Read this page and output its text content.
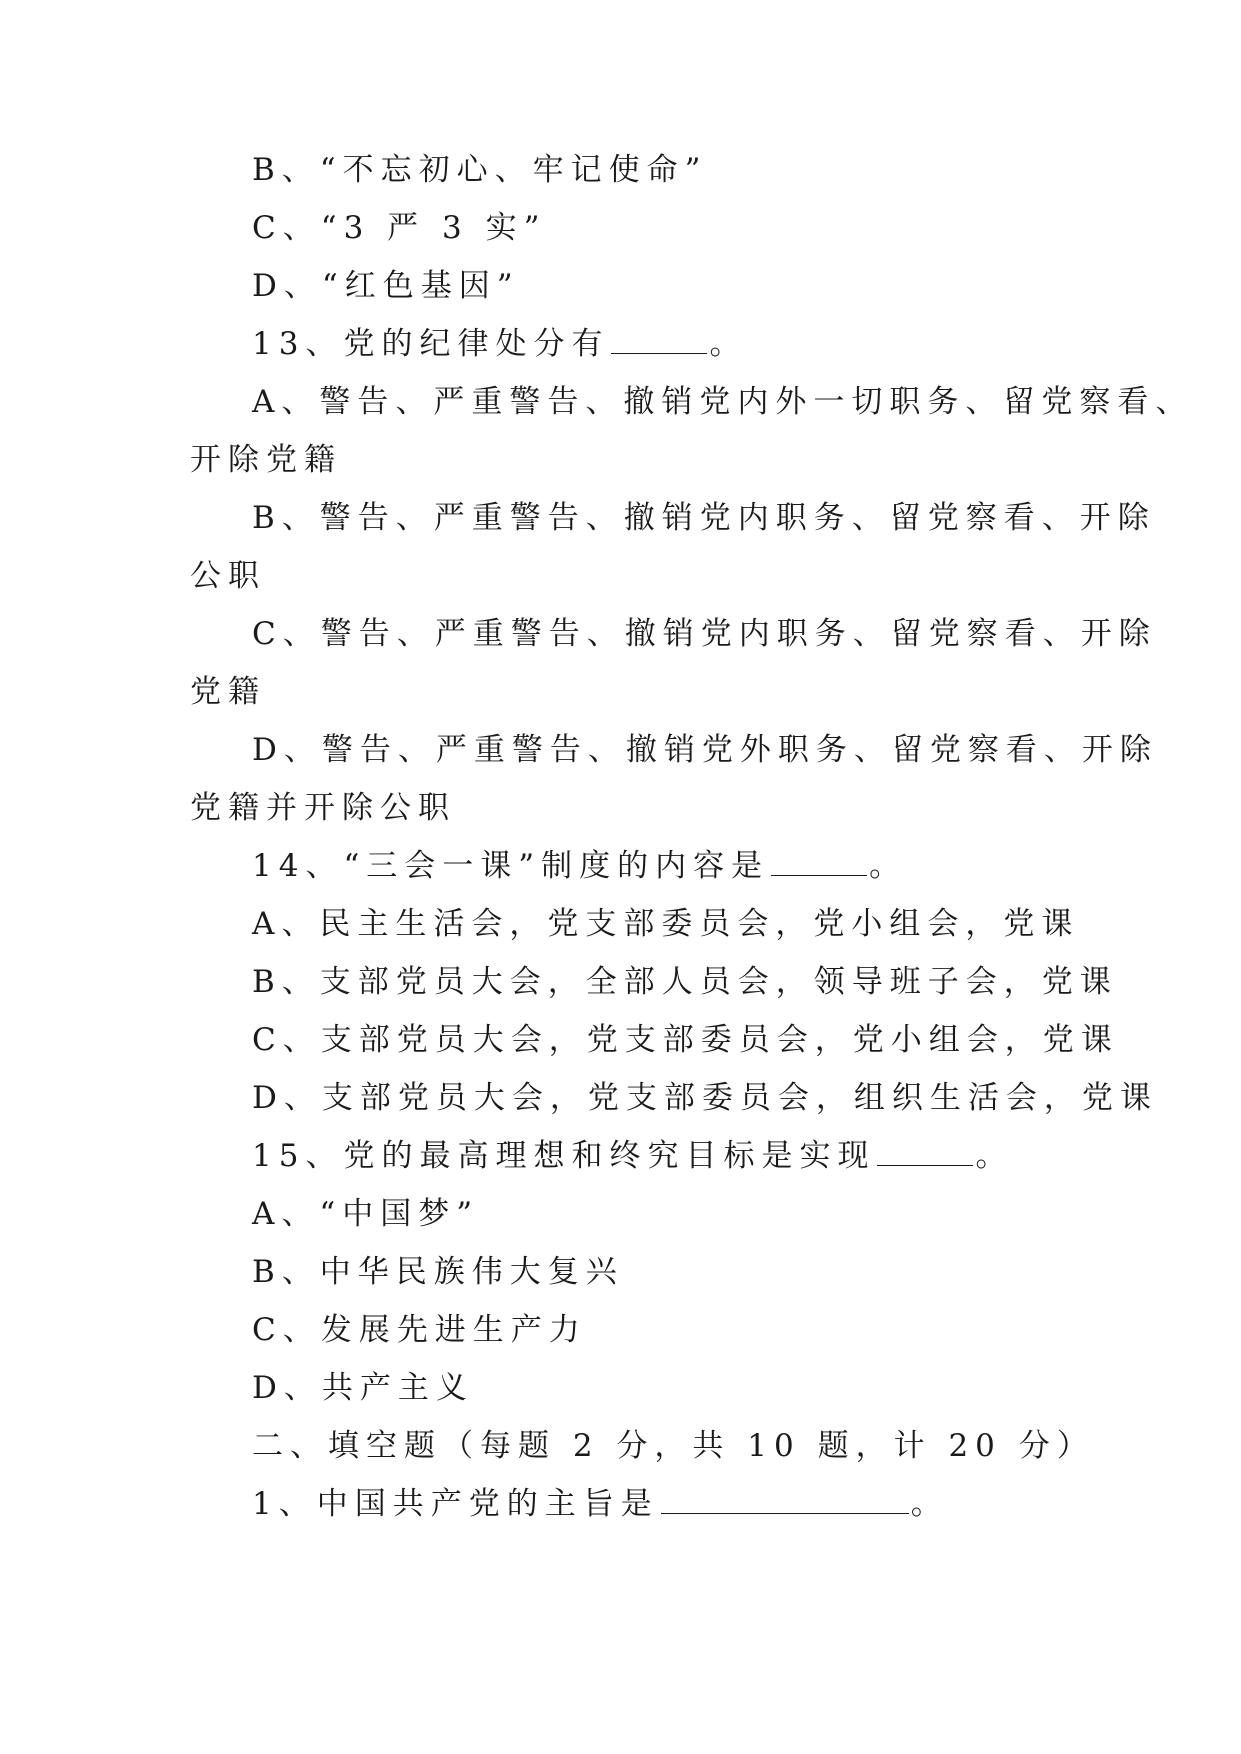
B、“不忘初心、牢记使命”
C、“3 严 3 实”
D、“红色基因”
13、党的纪律处分有	。
A、警告、严重警告、撤销党内外一切职务、留党察看、
开除党籍
B、警告、严重警告、撤销党内职务、留党察看、开除
公职
C、警告、严重警告、撤销党内职务、留党察看、开除
党籍
D、警告、严重警告、撤销党外职务、留党察看、开除
党籍并开除公职
14、“三会一课”制度的内容是	。
A、民主生活会，党支部委员会，党小组会，党课
B、支部党员大会，全部人员会，领导班子会，党课
C、支部党员大会，党支部委员会，党小组会，党课
D、支部党员大会，党支部委员会，组织生活会，党课
15、党的最高理想和终究目标是实现	。
A、“中国梦”
B、中华民族伟大复兴
C、发展先进生产力
D、共产主义
二、填空题（每题 2 分，共 10 题，计 20 分）
1、中国共产党的主旨是	。
